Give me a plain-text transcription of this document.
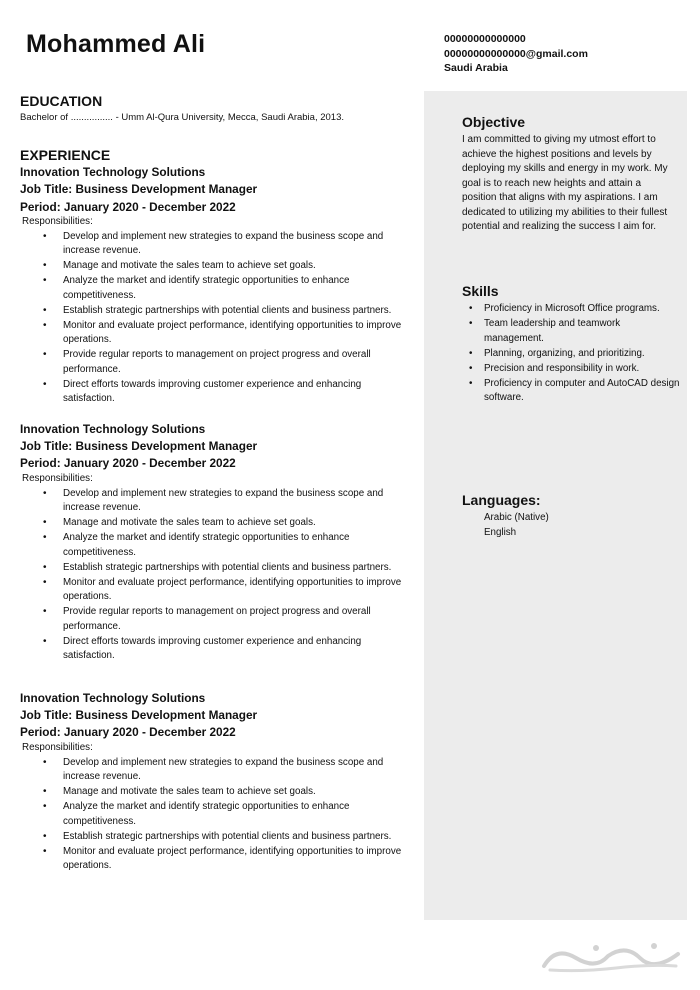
Mohammed Ali	00000000000000
00000000000000@gmail.com
Saudi Arabia
EDUCATION
Bachelor of ................ - Umm Al-Qura University, Mecca, Saudi Arabia, 2013.
EXPERIENCE
Innovation Technology Solutions
Job Title: Business Development Manager
Period: January 2020 - December 2022
Responsibilities:
• Develop and implement new strategies to expand the business scope and increase revenue.
• Manage and motivate the sales team to achieve set goals.
• Analyze the market and identify strategic opportunities to enhance competitiveness.
• Establish strategic partnerships with potential clients and business partners.
• Monitor and evaluate project performance, identifying opportunities to improve operations.
• Provide regular reports to management on project progress and overall performance.
• Direct efforts towards improving customer experience and enhancing satisfaction.
Innovation Technology Solutions
Job Title: Business Development Manager
Period: January 2020 - December 2022
Responsibilities:
• Develop and implement new strategies to expand the business scope and increase revenue.
• Manage and motivate the sales team to achieve set goals.
• Analyze the market and identify strategic opportunities to enhance competitiveness.
• Establish strategic partnerships with potential clients and business partners.
• Monitor and evaluate project performance, identifying opportunities to improve operations.
• Provide regular reports to management on project progress and overall performance.
• Direct efforts towards improving customer experience and enhancing satisfaction.
Innovation Technology Solutions
Job Title: Business Development Manager
Period: January 2020 - December 2022
Responsibilities:
• Develop and implement new strategies to expand the business scope and increase revenue.
• Manage and motivate the sales team to achieve set goals.
• Analyze the market and identify strategic opportunities to enhance competitiveness.
• Establish strategic partnerships with potential clients and business partners.
• Monitor and evaluate project performance, identifying opportunities to improve operations.
Objective
I am committed to giving my utmost effort to achieve the highest positions and levels by deploying my skills and energy in my work. My goal is to reach new heights and attain a position that aligns with my aspirations. I am dedicated to utilizing my abilities to their fullest potential and realizing the success I aim for.
Skills
• Proficiency in Microsoft Office programs.
• Team leadership and teamwork management.
• Planning, organizing, and prioritizing.
• Precision and responsibility in work.
• Proficiency in computer and AutoCAD design software.
Languages:
Arabic (Native)
English
